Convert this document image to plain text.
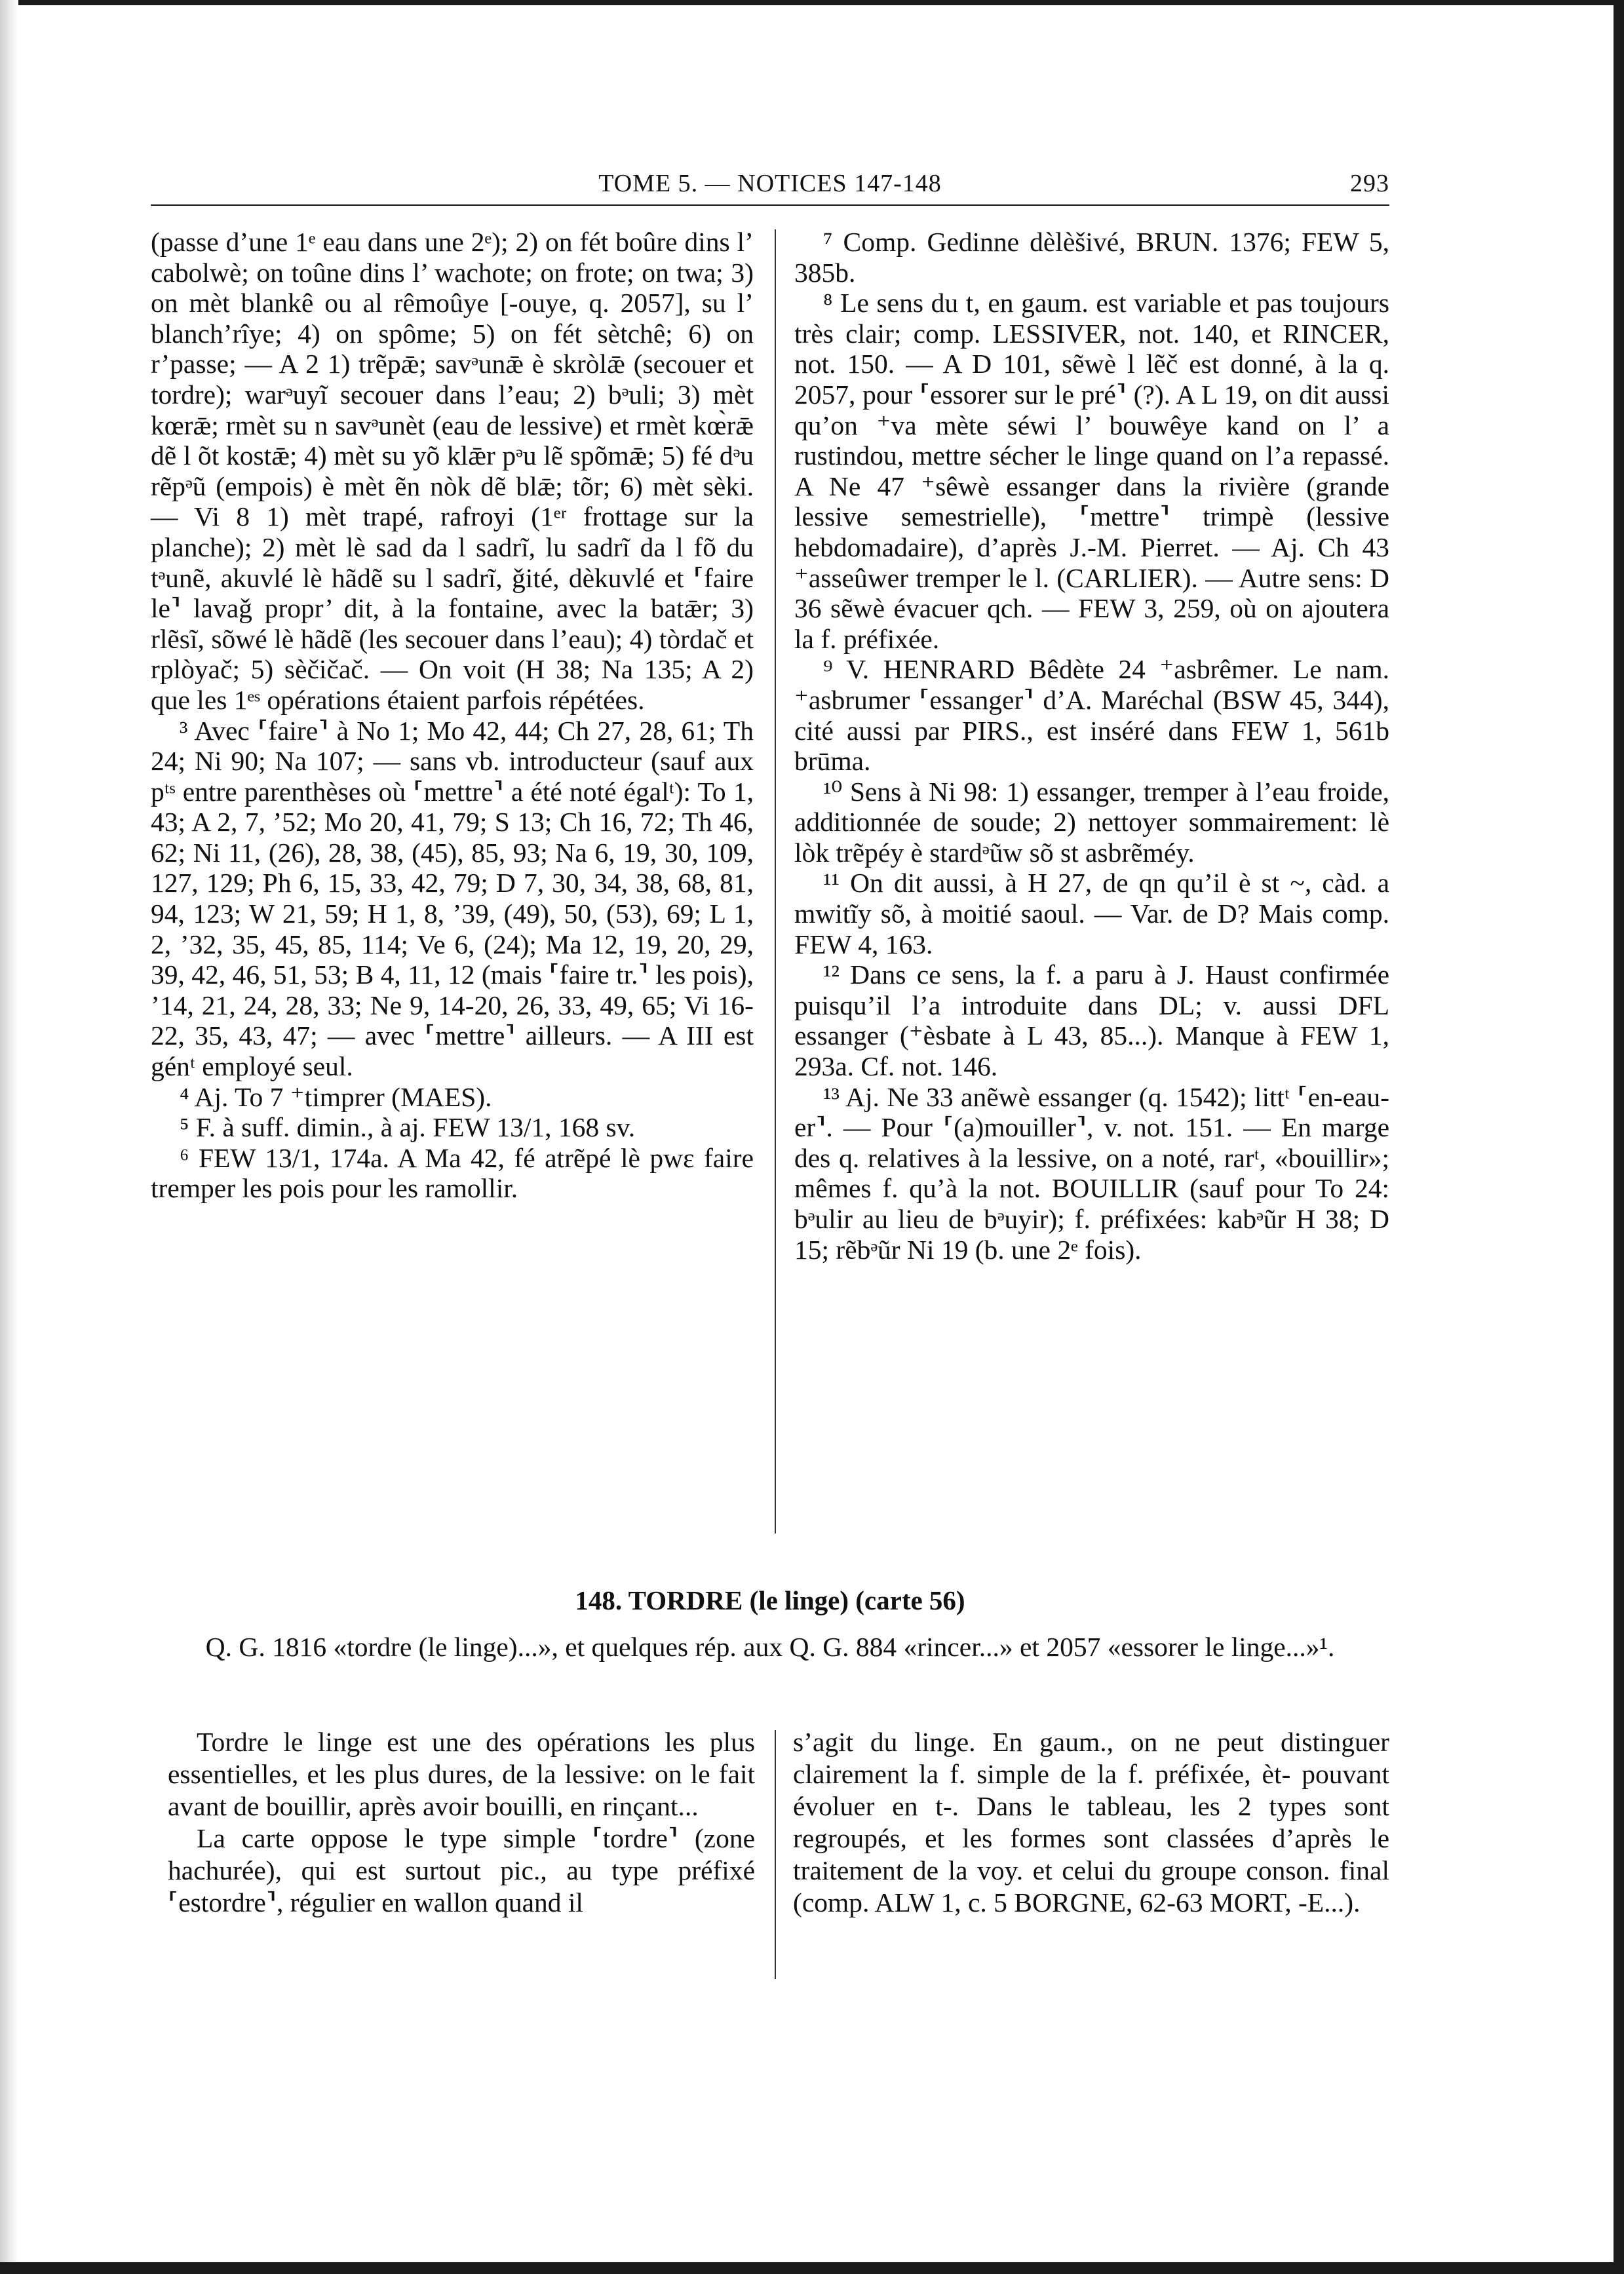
TOME 5. — NOTICES 147-148	293

(passe d’une 1ᵉ eau dans une 2ᵉ); 2) on fét boûre dins l’ cabolwè; on toûne dins l’ wachote; on frote; on twa; 3) on mèt blankê ou al rêmoûye [-ouye, q. 2057], su l’ blanch’rîye; 4) on spôme; 5) on fét sètchê; 6) on r’passe; — A 2 1) trẽpǣ; savᵊunǣ è skròlǣ (secouer et tordre); warᵊuyĩ secouer dans l’eau; 2) bᵊuli; 3) mèt kœrǣ; rmèt su n savᵊunèt (eau de lessive) et rmèt kœ̀rǣ dẽ l õt kostǣ; 4) mèt su yõ klǣr pᵊu lẽ spõmǣ; 5) fé dᵊu rẽpᵊũ (empois) è mèt ẽn nòk dẽ blǣ; tõr; 6) mèt sèki. — Vi 8 1) mèt trapé, rafroyi (1ᵉʳ frottage sur la planche); 2) mèt lè sad da l sadrĩ, lu sadrĩ da l fõ du tᵊunẽ, akuvlé lè hãdẽ su l sadrĩ, ǧité, dèkuvlé et ⸢faire le⸣ lavaǧ propr’ dit, à la fontaine, avec la batǣr; 3) rlẽsĩ, sõwé lè hãdẽ (les secouer dans l’eau); 4) tòrdač et rplòyač; 5) sèčičač. — On voit (H 38; Na 135; A 2) que les 1ᵉˢ opérations étaient parfois répétées.

³ Avec ⸢faire⸣ à No 1; Mo 42, 44; Ch 27, 28, 61; Th 24; Ni 90; Na 107; — sans vb. introducteur (sauf aux pᵗˢ entre parenthèses où ⸢mettre⸣ a été noté égalᵗ): To 1, 43; A 2, 7, ’52; Mo 20, 41, 79; S 13; Ch 16, 72; Th 46, 62; Ni 11, (26), 28, 38, (45), 85, 93; Na 6, 19, 30, 109, 127, 129; Ph 6, 15, 33, 42, 79; D 7, 30, 34, 38, 68, 81, 94, 123; W 21, 59; H 1, 8, ’39, (49), 50, (53), 69; L 1, 2, ’32, 35, 45, 85, 114; Ve 6, (24); Ma 12, 19, 20, 29, 39, 42, 46, 51, 53; B 4, 11, 12 (mais ⸢faire tr.⸣ les pois), ’14, 21, 24, 28, 33; Ne 9, 14-20, 26, 33, 49, 65; Vi 16-22, 35, 43, 47; — avec ⸢mettre⸣ ailleurs. — A III est génᵗ employé seul.

⁴ Aj. To 7 ⁺timprer (MAES).

⁵ F. à suff. dimin., à aj. FEW 13/1, 168 sv.

⁶ FEW 13/1, 174a. A Ma 42, fé atrẽpé lè pwɛ faire tremper les pois pour les ramollir.

⁷ Comp. Gedinne dèlèšivé, BRUN. 1376; FEW 5, 385b.

⁸ Le sens du t, en gaum. est variable et pas toujours très clair; comp. LESSIVER, not. 140, et RINCER, not. 150. — A D 101, sẽwè l lẽč est donné, à la q. 2057, pour ⸢essorer sur le pré⸣ (?). A L 19, on dit aussi qu’on ⁺va mète séwi l’ bouwêye kand on l’ a rustindou, mettre sécher le linge quand on l’a repassé. A Ne 47 ⁺sêwè essanger dans la rivière (grande lessive semestrielle), ⸢mettre⸣ trimpè (lessive hebdomadaire), d’après J.-M. Pierret. — Aj. Ch 43 ⁺asseûwer tremper le l. (CARLIER). — Autre sens: D 36 sẽwè évacuer qch. — FEW 3, 259, où on ajoutera la f. préfixée.

⁹ V. HENRARD Bêdète 24 ⁺asbrêmer. Le nam. ⁺asbrumer ⸢essanger⸣ d’A. Maréchal (BSW 45, 344), cité aussi par PIRS., est inséré dans FEW 1, 561b brūma.

¹⁰ Sens à Ni 98: 1) essanger, tremper à l’eau froide, additionnée de soude; 2) nettoyer sommairement: lè lòk trẽpéy è stardᵊũw sõ st asbrẽméy.

¹¹ On dit aussi, à H 27, de qn qu’il è st ~, càd. a mwitĩy sõ, à moitié saoul. — Var. de D? Mais comp. FEW 4, 163.

¹² Dans ce sens, la f. a paru à J. Haust confirmée puisqu’il l’a introduite dans DL; v. aussi DFL essanger (⁺èsbate à L 43, 85...). Manque à FEW 1, 293a. Cf. not. 146.

¹³ Aj. Ne 33 anẽwè essanger (q. 1542); littᵗ ⸢en-eau-er⸣. — Pour ⸢(a)mouiller⸣, v. not. 151. — En marge des q. relatives à la lessive, on a noté, rarᵗ, «bouillir»; mêmes f. qu’à la not. BOUILLIR (sauf pour To 24: bᵊulir au lieu de bᵊuyir); f. préfixées: kabᵊũr H 38; D 15; rẽbᵊũr Ni 19 (b. une 2ᵉ fois).

148. TORDRE (le linge) (carte 56)
Q. G. 1816 «tordre (le linge)...», et quelques rép. aux Q. G. 884 «rincer...» et 2057 «essorer le linge...»¹.

Tordre le linge est une des opérations les plus essentielles, et les plus dures, de la lessive: on le fait avant de bouillir, après avoir bouilli, en rinçant...

La carte oppose le type simple ⸢tordre⸣ (zone hachurée), qui est surtout pic., au type préfixé ⸢estordre⸣, régulier en wallon quand il

s’agit du linge. En gaum., on ne peut distinguer clairement la f. simple de la f. préfixée, èt- pouvant évoluer en t-. Dans le tableau, les 2 types sont regroupés, et les formes sont classées d’après le traitement de la voy. et celui du groupe conson. final (comp. ALW 1, c. 5 BORGNE, 62-63 MORT, -E...).
